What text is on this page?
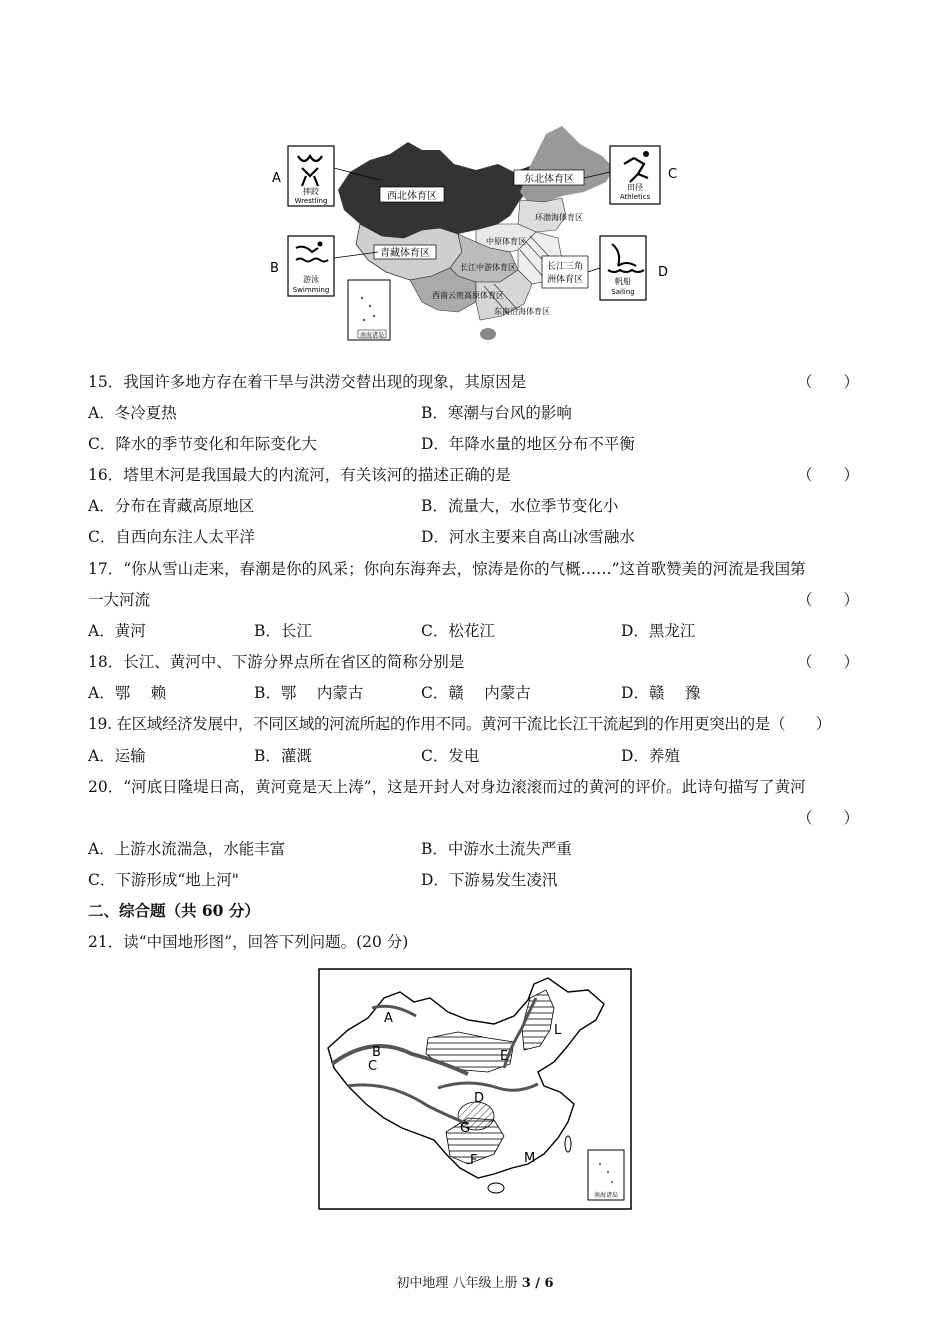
西北体育区
东北体育区
环渤海体育区
青藏体育区
中原体育区
长江中游体育区	长江三角
洲体育区
西南云贵高原体育区
东南沿海体育区
南海诸岛
摔跤
Wrestling
游泳
Swimming
田径
Athletics
帆船
Sailing
A
B
C
D
15．我国许多地方存在着干旱与洪涝交替出现的现象，其原因是	（　　）
A．冬冷夏热	B．寒潮与台风的影响
C．降水的季节变化和年际变化大	D．年降水量的地区分布不平衡
16．塔里木河是我国最大的内流河，有关该河的描述正确的是	（　　）
A．分布在青藏高原地区	B．流量大，水位季节变化小
C．自西向东注人太平洋	D．河水主要来自高山冰雪融水
17．“你从雪山走来，春潮是你的风采；你向东海奔去，惊涛是你的气概……”这首歌赞美的河流是我国第
一大河流	（　　）
A．黄河	B．长江	C．松花江	D．黑龙江
18．长江、黄河中、下游分界点所在省区的简称分别是	（　　）
A．鄂　 赖	B．鄂　 内蒙古	C．赣　 内蒙古	D．赣　 豫
19. 在区域经济发展中，不同区域的河流所起的作用不同。黄河干流比长江干流起到的作用更突出的是（　　）
A．运输	B．灌溉	C．发电	D．养殖
20．“河底日隆堤日高，黄河竟是天上涛”，这是开封人对身边滚滚而过的黄河的评价。此诗句描写了黄河
（　　）
A．上游水流湍急，水能丰富	B．中游水土流失严重
C．下游形成“地上河"	D．下游易发生凌汛
二、综合题（共 60 分）
21．读“中国地形图”，回答下列问题。(20 分)
南海诸岛
A
B
C
D
E
F
G
L
M
初中地理 八年级上册 3 / 6
